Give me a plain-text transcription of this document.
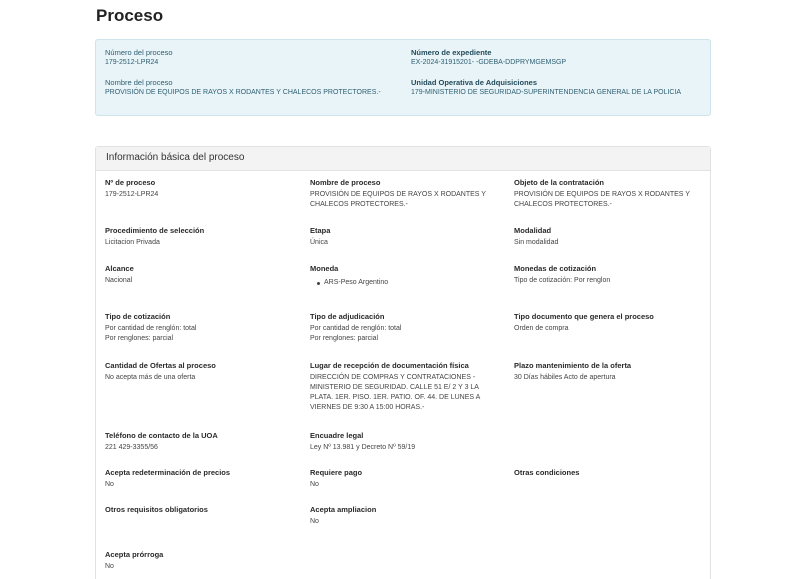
Proceso
Número del proceso
179-2512-LPR24
Nombre del proceso
PROVISIÓN DE EQUIPOS DE RAYOS X RODANTES Y CHALECOS PROTECTORES.-
Número de expediente
EX-2024-31915201- -GDEBA-DDPRYMGEMSGP
Unidad Operativa de Adquisiciones
179-MINISTERIO DE SEGURIDAD-SUPERINTENDENCIA GENERAL DE LA POLICIA
Información básica del proceso
Nº de proceso
179-2512-LPR24
Nombre de proceso
PROVISIÓN DE EQUIPOS DE RAYOS X RODANTES Y CHALECOS PROTECTORES.-
Objeto de la contratación
PROVISIÓN DE EQUIPOS DE RAYOS X RODANTES Y CHALECOS PROTECTORES.-
Procedimiento de selección
Licitacion Privada
Etapa
Única
Modalidad
Sin modalidad
Alcance
Nacional
Moneda
ARS-Peso Argentino
Monedas de cotización
Tipo de cotización: Por renglon
Tipo de cotización
Por cantidad de renglón: total
Por renglones: parcial
Tipo de adjudicación
Por cantidad de renglón: total
Por renglones: parcial
Tipo documento que genera el proceso
Orden de compra
Cantidad de Ofertas al proceso
No acepta más de una oferta
Lugar de recepción de documentación física
DIRECCIÓN DE COMPRAS Y CONTRATACIONES - MINISTERIO DE SEGURIDAD. CALLE 51 E/ 2 Y 3 LA PLATA. 1ER. PISO. 1ER. PATIO. OF. 44. DE LUNES A VIERNES DE 9:30 A 15:00 HORAS.-
Plazo mantenimiento de la oferta
30 Días hábiles Acto de apertura
Teléfono de contacto de la UOA
221 429-3355/56
Encuadre legal
Ley Nº 13.981 y Decreto Nº 59/19
Acepta redeterminación de precios
No
Requiere pago
No
Otras condiciones
Otros requisitos obligatorios	Acepta ampliacion
No
Acepta prórroga
No
